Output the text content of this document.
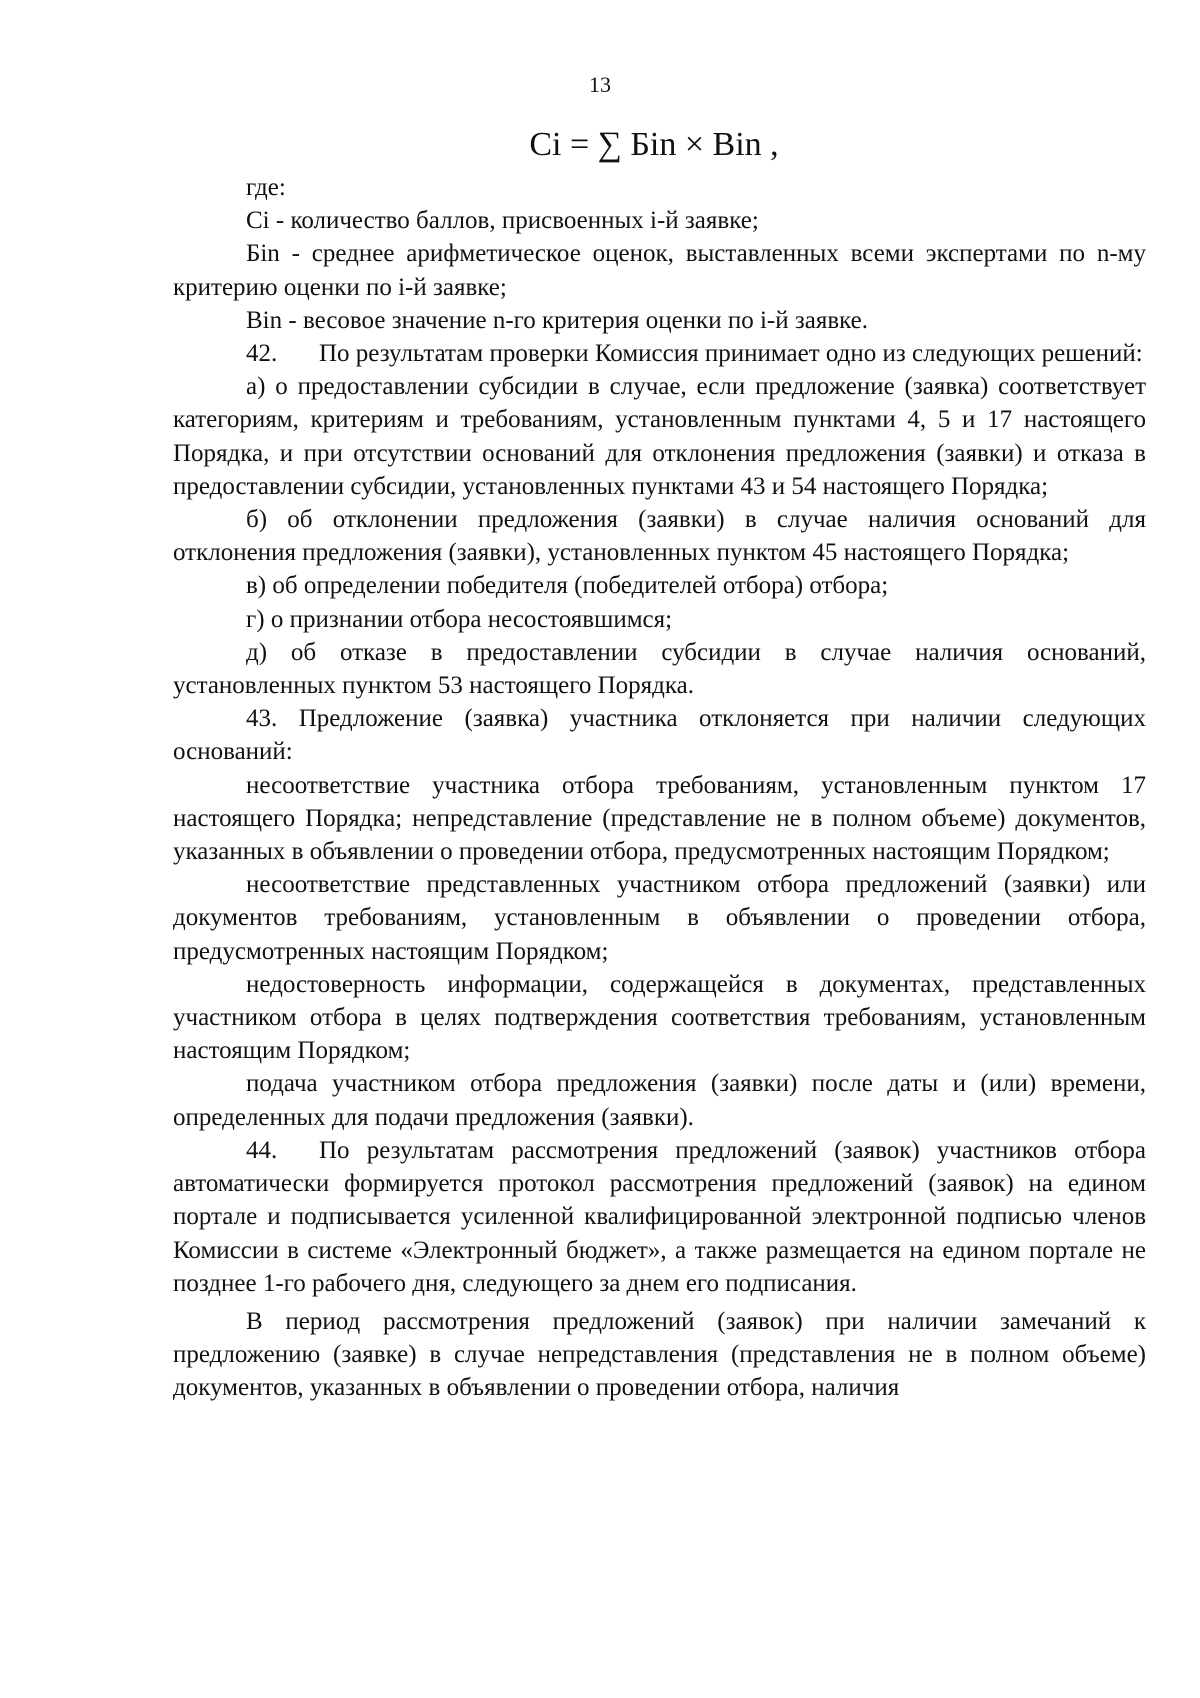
13
Ci = ∑ Бin × Bin ,

где:

Ci - количество баллов, присвоенных i-й заявке;

Бin - среднее арифметическое оценок, выставленных всеми экспертами по n-му критерию оценки по i-й заявке;

Bin - весовое значение n-го критерия оценки по i-й заявке.

42. По результатам проверки Комиссия принимает одно из следующих решений:

а) о предоставлении субсидии в случае, если предложение (заявка) соответствует категориям, критериям и требованиям, установленным пунктами 4, 5 и 17 настоящего Порядка, и при отсутствии оснований для отклонения предложения (заявки) и отказа в предоставлении субсидии, установленных пунктами 43 и 54 настоящего Порядка;

б) об отклонении предложения (заявки) в случае наличия оснований для отклонения предложения (заявки), установленных пунктом 45 настоящего Порядка;

в) об определении победителя (победителей отбора) отбора;

г) о признании отбора несостоявшимся;

д) об отказе в предоставлении субсидии в случае наличия оснований, установленных пунктом 53 настоящего Порядка.

43. Предложение (заявка) участника отклоняется при наличии следующих оснований:

несоответствие участника отбора требованиям, установленным пунктом 17 настоящего Порядка; непредставление (представление не в полном объеме) документов, указанных в объявлении о проведении отбора, предусмотренных настоящим Порядком;

несоответствие представленных участником отбора предложений (заявки) или документов требованиям, установленным в объявлении о проведении отбора, предусмотренных настоящим Порядком;

недостоверность информации, содержащейся в документах, представленных участником отбора в целях подтверждения соответствия требованиям, установленным настоящим Порядком;

подача участником отбора предложения (заявки) после даты и (или) времени, определенных для подачи предложения (заявки).

44. По результатам рассмотрения предложений (заявок) участников отбора автоматически формируется протокол рассмотрения предложений (заявок) на едином портале и подписывается усиленной квалифицированной электронной подписью членов Комиссии в системе «Электронный бюджет», а также размещается на едином портале не позднее 1-го рабочего дня, следующего за днем его подписания.

В период рассмотрения предложений (заявок) при наличии замечаний к предложению (заявке) в случае непредставления (представления не в полном объеме) документов, указанных в объявлении о проведении отбора, наличия
